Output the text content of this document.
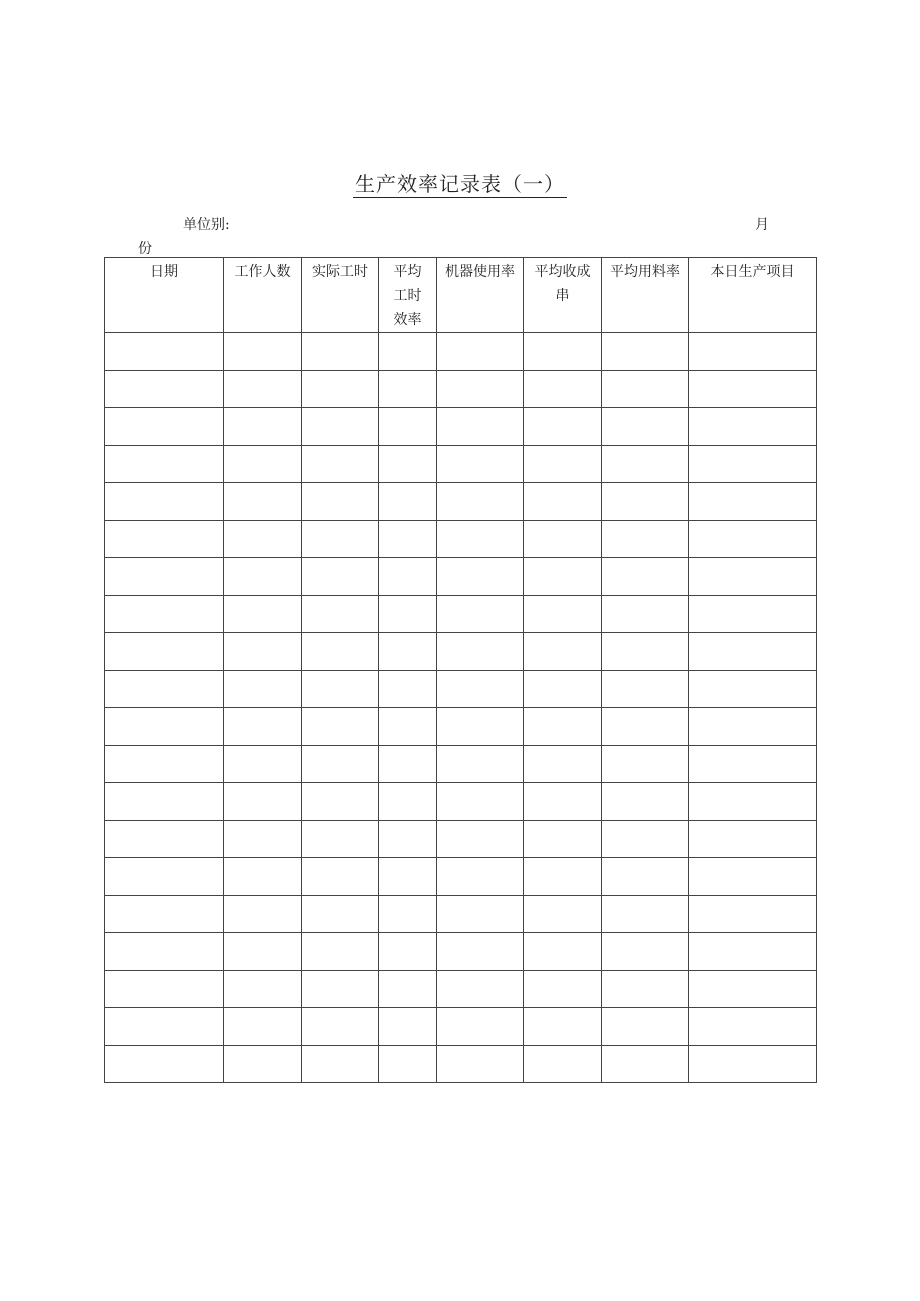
生产效率记录表（一）
单位别:	月
份
日期	工作人数	实际工时	平均工时效率	机器使用率	平均收成串	平均用料率	本日生产项目
